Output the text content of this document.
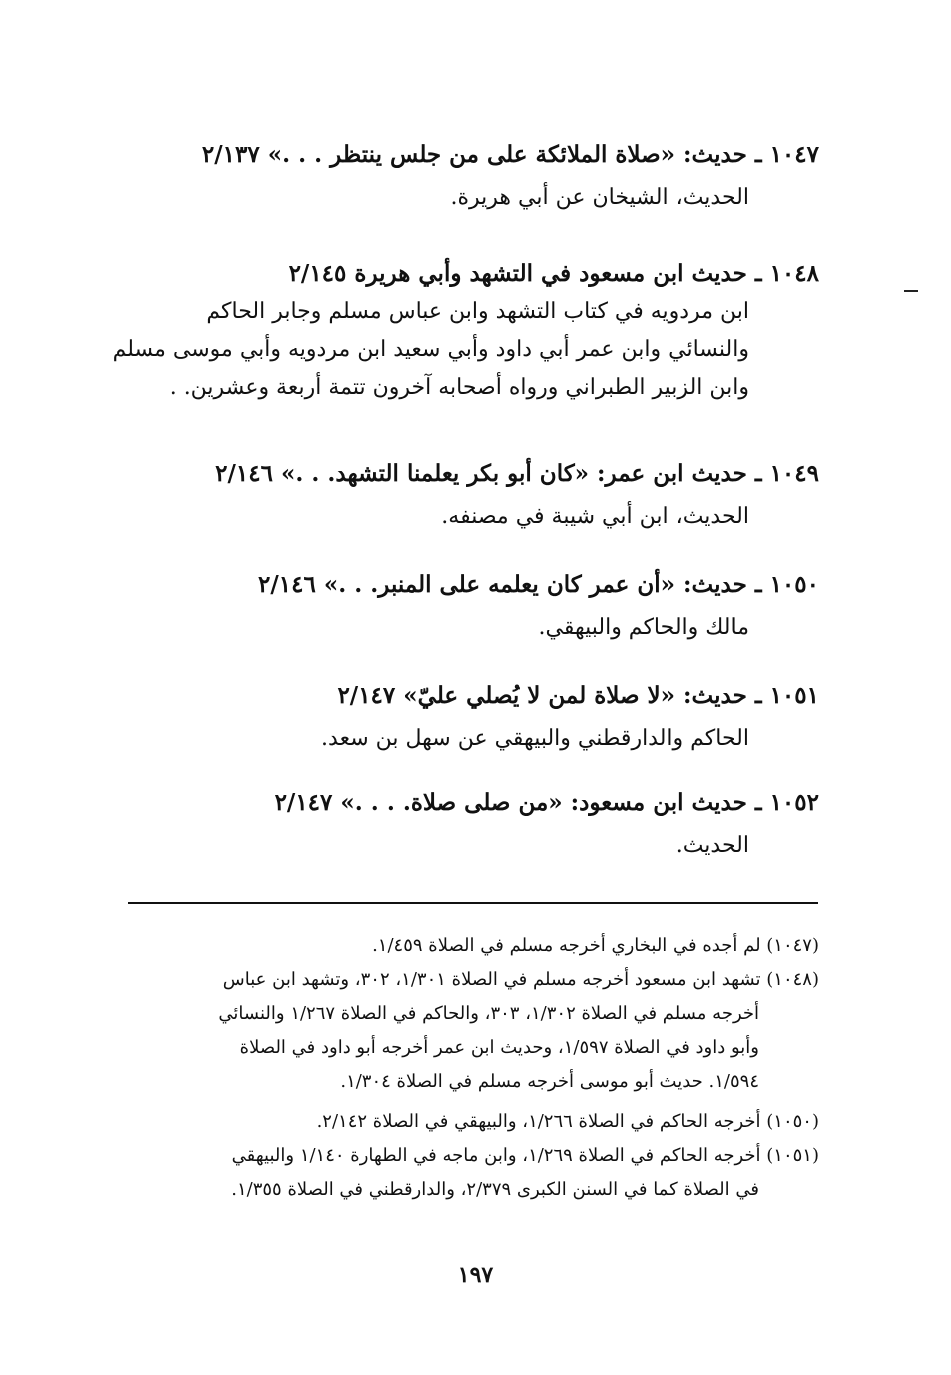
١٠٤٧ ـ حديث: «صلاة الملائكة على من جلس ينتظر . . .» ٢/١٣٧
الحديث، الشيخان عن أبي هريرة.
١٠٤٨ ـ حديث ابن مسعود في التشهد وأبي هريرة ٢/١٤٥
ابن مردويه في كتاب التشهد وابن عباس مسلم وجابر الحاكم
والنسائي وابن عمر أبي داود وأبي سعيد ابن مردويه وأبي موسى مسلم
وابن الزبير الطبراني ورواه أصحابه آخرون تتمة أربعة وعشرين. .
١٠٤٩ ـ حديث ابن عمر: «كان أبو بكر يعلمنا التشهد. . .» ٢/١٤٦
الحديث، ابن أبي شيبة في مصنفه.
١٠٥٠ ـ حديث: «أن عمر كان يعلمه على المنبر. . .» ٢/١٤٦
مالك والحاكم والبيهقي.
١٠٥١ ـ حديث: «لا صلاة لمن لا يُصلي عليّ» ٢/١٤٧
الحاكم والدارقطني والبيهقي عن سهل بن سعد.
١٠٥٢ ـ حديث ابن مسعود: «من صلى صلاة. . . .» ٢/١٤٧
الحديث.
(١٠٤٧) لم أجده في البخاري أخرجه مسلم في الصلاة ١/٤٥٩.
(١٠٤٨) تشهد ابن مسعود أخرجه مسلم في الصلاة ١/٣٠١، ٣٠٢، وتشهد ابن عباس
أخرجه مسلم في الصلاة ١/٣٠٢، ٣٠٣، والحاكم في الصلاة ١/٢٦٧ والنسائي
وأبو داود في الصلاة ١/٥٩٧، وحديث ابن عمر أخرجه أبو داود في الصلاة
١/٥٩٤. حديث أبو موسى أخرجه مسلم في الصلاة ١/٣٠٤.
(١٠٥٠) أخرجه الحاكم في الصلاة ١/٢٦٦، والبيهقي في الصلاة ٢/١٤٢.
(١٠٥١) أخرجه الحاكم في الصلاة ١/٢٦٩، وابن ماجه في الطهارة ١/١٤٠ والبيهقي
في الصلاة كما في السنن الكبرى ٢/٣٧٩، والدارقطني في الصلاة ١/٣٥٥.
١٩٧
